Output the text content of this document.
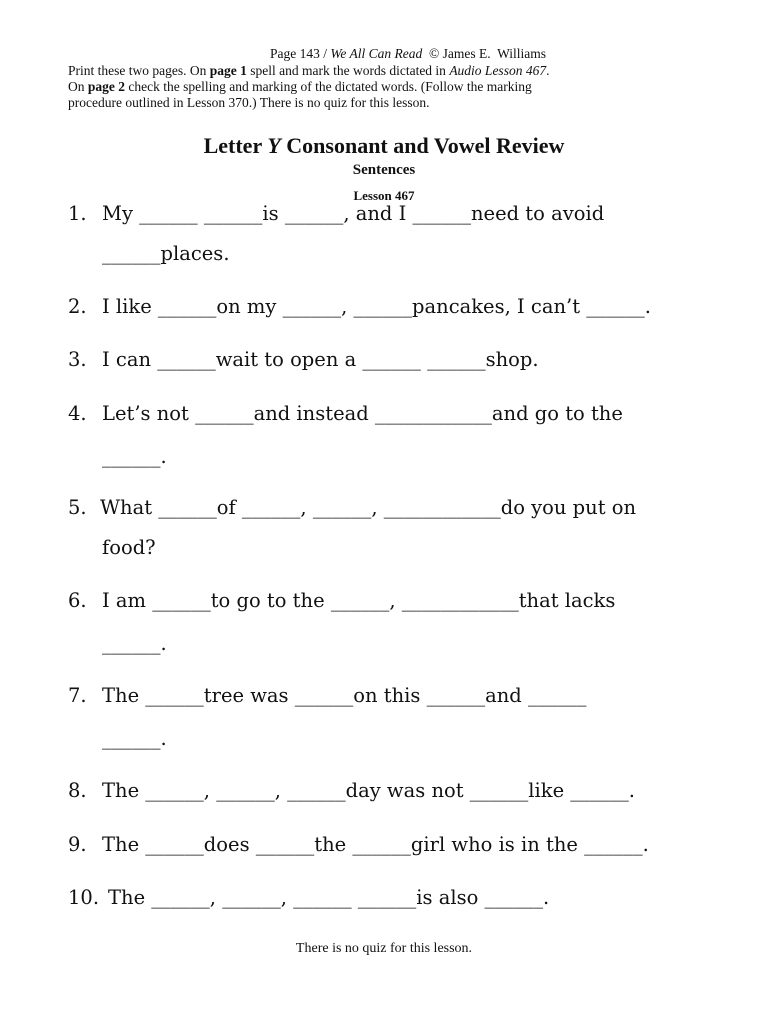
Page 143 / We All Can Read  © James E.  Williams
Print these two pages. On page 1 spell and mark the words dictated in Audio Lesson 467.
On page 2 check the spelling and marking of the dictated words. (Follow the marking
procedure outlined in Lesson 370.) There is no quiz for this lesson.
Letter Y Consonant and Vowel Review
Sentences
Lesson 467
1. My ______ ______is ______, and I ______need to avoid
______places.
2. I like ______on my ______, ______pancakes, I can’t ______.
3. I can ______wait to open a ______ ______shop.
4. Let’s not ______and instead ____________and go to the
______.
5. What ______of ______, ______, ____________do you put on
food?
6. I am ______to go to the ______, ____________that lacks
______.
7. The ______tree was ______on this ______and ______
______.
8. The ______, ______, ______day was not ______like ______.
9. The ______does ______the ______girl who is in the ______.
10. The ______, ______, ______ ______is also ______.
There is no quiz for this lesson.
